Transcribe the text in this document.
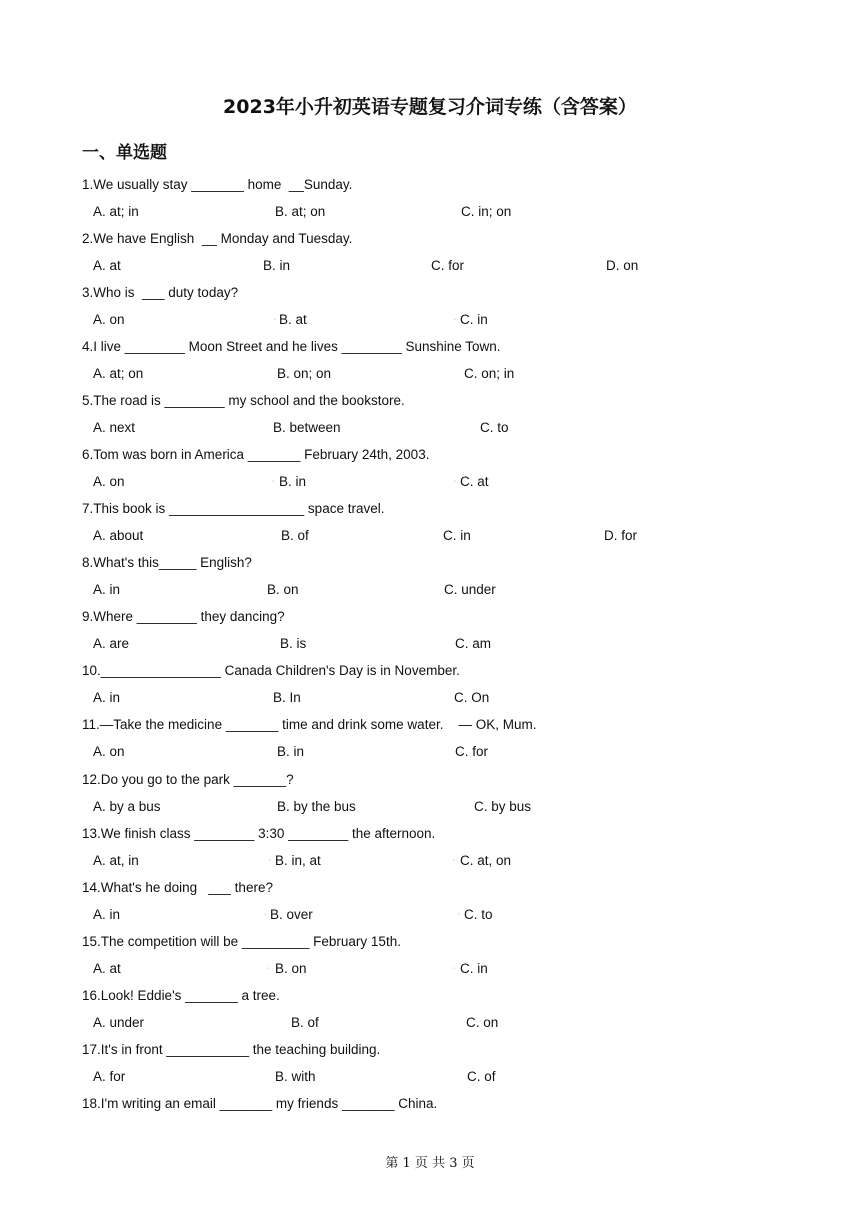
2023年小升初英语专题复习介词专练（含答案）
一、单选题
1.We usually stay _______ home  __Sunday.
A. at; in	B. at; on	C. in; on
2.We have English  __ Monday and Tuesday.
A. at	B. in	C. for	D. on
3.Who is  ___ duty today?
A. on	B. at	C. in
◦	◦
4.I live ________ Moon Street and he lives ________ Sunshine Town.
A. at; on	B. on; on	C. on; in
5.The road is ________ my school and the bookstore.
A. next	B. between	C. to
6.Tom was born in America _______ February 24th, 2003.
A. on	B. in	C. at
◦	◦
7.This book is __________________ space travel.
A. about	B. of	C. in	D. for
8.What's this_____ English?
A. in	B. on	C. under
9.Where ________ they dancing?
A. are	B. is	C. am
10.________________ Canada Children's Day is in November.
A. in	B. In	C. On
11.—Take the medicine _______ time and drink some water.    — OK, Mum.
A. on	B. in	C. for
12.Do you go to the park _______?
A. by a bus	B. by the bus	C. by bus
13.We finish class ________ 3:30 ________ the afternoon.
A. at, in	B. in, at	C. at, on
◦	◦
14.What's he doing   ___ there?
A. in	B. over	C. to
◦	◦
15.The competition will be _________ February 15th.
A. at	B. on	C. in
◦	◦
16.Look! Eddie's _______ a tree.
A. under	B. of	C. on
17.It's in front ___________ the teaching building.
A. for	B. with	C. of
18.I'm writing an email _______ my friends _______ China.
第 1 页 共 3 页
